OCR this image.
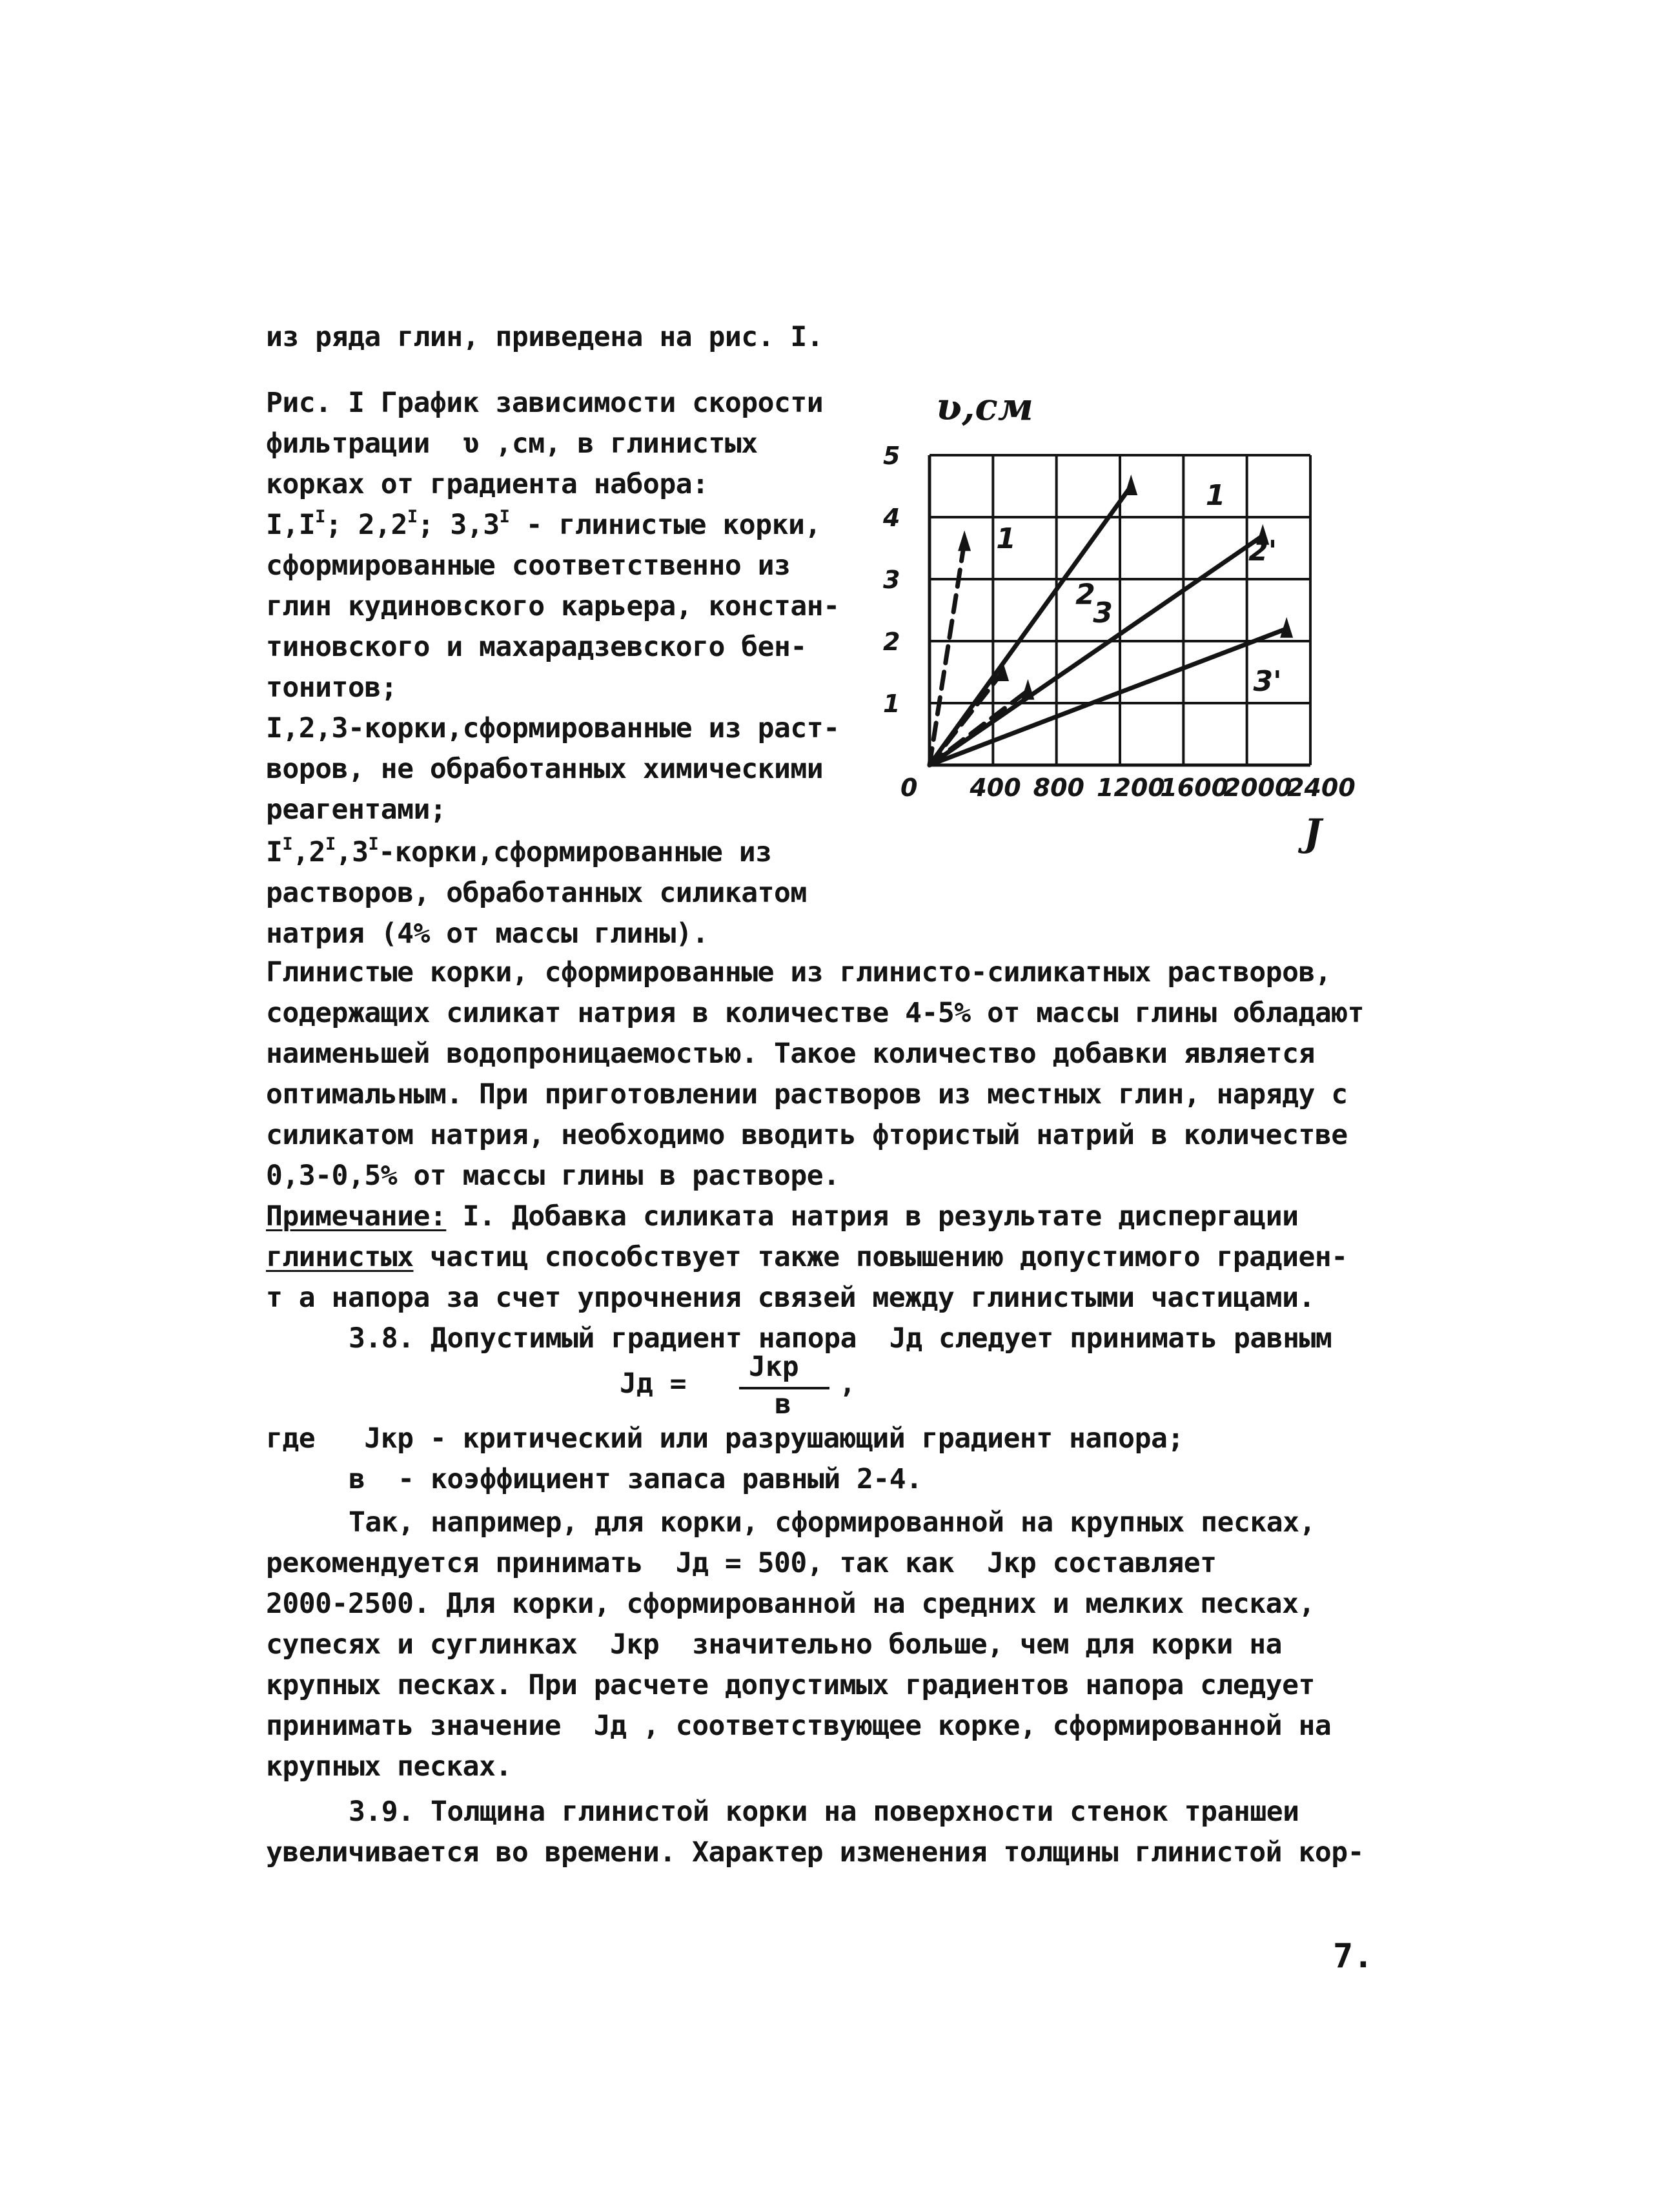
из ряда глин, приведена на рис. I.
Рис. I График зависимости скорости
фильтрации  ʋ ,см, в глинистых
корках от градиента набора:
$I,I^I$; $2,2^I$; $3,3^I$ - глинистые корки,
сформированные соответственно из
глин кудиновского карьера, констан-
тиновского и махарадзевского бен-
тонитов;
I,2,3-корки,сформированные из раст-
воров, не обработанных химическими
реагентами;
$I^I,2^I,3^I-корки,сформированные$ из
растворов, обработанных силикатом
натрия (4% от массы глины).
0 400 800 1200
1600
2000
2400
1
2
3
4
5
1
1	2'
2
3
3'
ʋ,см
J
Глинистые корки, сформированные из глинисто-силикатных растворов,
содержащих силикат натрия в количестве 4-5% от массы глины обладают
наименьшей водопроницаемостью. Такое количество добавки является
оптимальным. При приготовлении растворов из местных глин, наряду с
силикатом натрия, необходимо вводить фтористый натрий в количестве
0,3-0,5% от массы глины в растворе.
Примечание: I. Добавка силиката натрия в результате диспергации
глинистых частиц способствует также повышению допустимого градиен-
т а напора за счет упрочнения связей между глинистыми частицами.
3.8. Допустимый градиент напора  Jд следует принимать равным
Jд =
Jкр
в
,
где   Jкр - критический или разрушающий градиент напора;
в  - коэффициент запаса равный 2-4.
Так, например, для корки, сформированной на крупных песках,
рекомендуется принимать  Jд = 500, так как  Jкр составляет
2000-2500. Для корки, сформированной на средних и мелких песках,
супесях и суглинках  Jкр  значительно больше, чем для корки на
крупных песках. При расчете допустимых градиентов напора следует
принимать значение  Jд , соответствующее корке, сформированной на
крупных песках.
3.9. Толщина глинистой корки на поверхности стенок траншеи
увеличивается во времени. Характер изменения толщины глинистой кор-
7.
